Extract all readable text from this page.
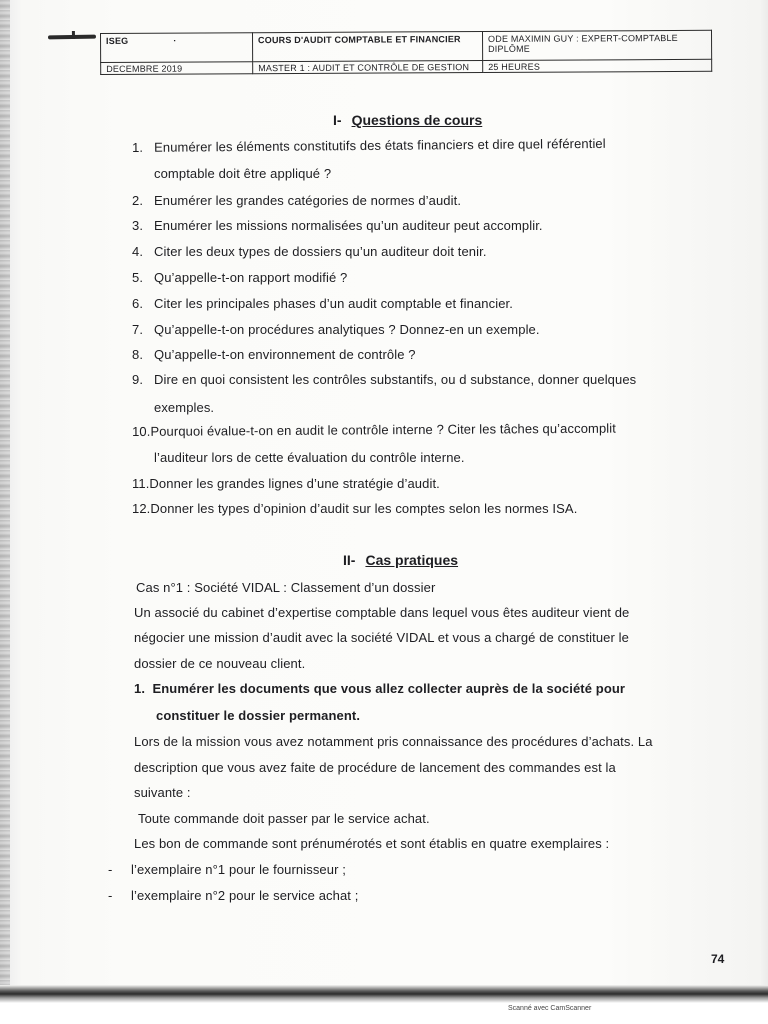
ISEG ·	COURS D'AUDIT COMPTABLE ET FINANCIER	ODE MAXIMIN GUY : EXPERT-COMPTABLE DIPLÔME
DECEMBRE 2019	MASTER 1 : AUDIT ET CONTRÔLE DE GESTION	25 HEURES
I- Questions de cours
1. Enumérer les éléments constitutifs des états financiers et dire quel référentiel
comptable doit être appliqué ?
2. Enumérer les grandes catégories de normes d’audit.
3. Enumérer les missions normalisées qu’un auditeur peut accomplir.
4. Citer les deux types de dossiers qu’un auditeur doit tenir.
5. Qu’appelle-t-on rapport modifié ?
6. Citer les principales phases d’un audit comptable et financier.
7. Qu’appelle-t-on procédures analytiques ? Donnez-en un exemple.
8. Qu’appelle-t-on environnement de contrôle ?
9. Dire en quoi consistent les contrôles substantifs, ou d substance, donner quelques
exemples.
10.Pourquoi évalue-t-on en audit le contrôle interne ? Citer les tâches qu’accomplit
l’auditeur lors de cette évaluation du contrôle interne.
11.Donner les grandes lignes d’une stratégie d’audit.
12.Donner les types d’opinion d’audit sur les comptes selon les normes ISA.
II- Cas pratiques
Cas n°1 : Société VIDAL : Classement d’un dossier
Un associé du cabinet d’expertise comptable dans lequel vous êtes auditeur vient de
négocier une mission d’audit avec la société VIDAL et vous a chargé de constituer le
dossier de ce nouveau client.
1. Enumérer les documents que vous allez collecter auprès de la société pour
constituer le dossier permanent.
Lors de la mission vous avez notamment pris connaissance des procédures d’achats. La
description que vous avez faite de procédure de lancement des commandes est la
suivante :
Toute commande doit passer par le service achat.
Les bon de commande sont prénumérotés et sont établis en quatre exemplaires :
- l’exemplaire n°1 pour le fournisseur ;
- l’exemplaire n°2 pour le service achat ;
74
Scanné avec CamScanner
